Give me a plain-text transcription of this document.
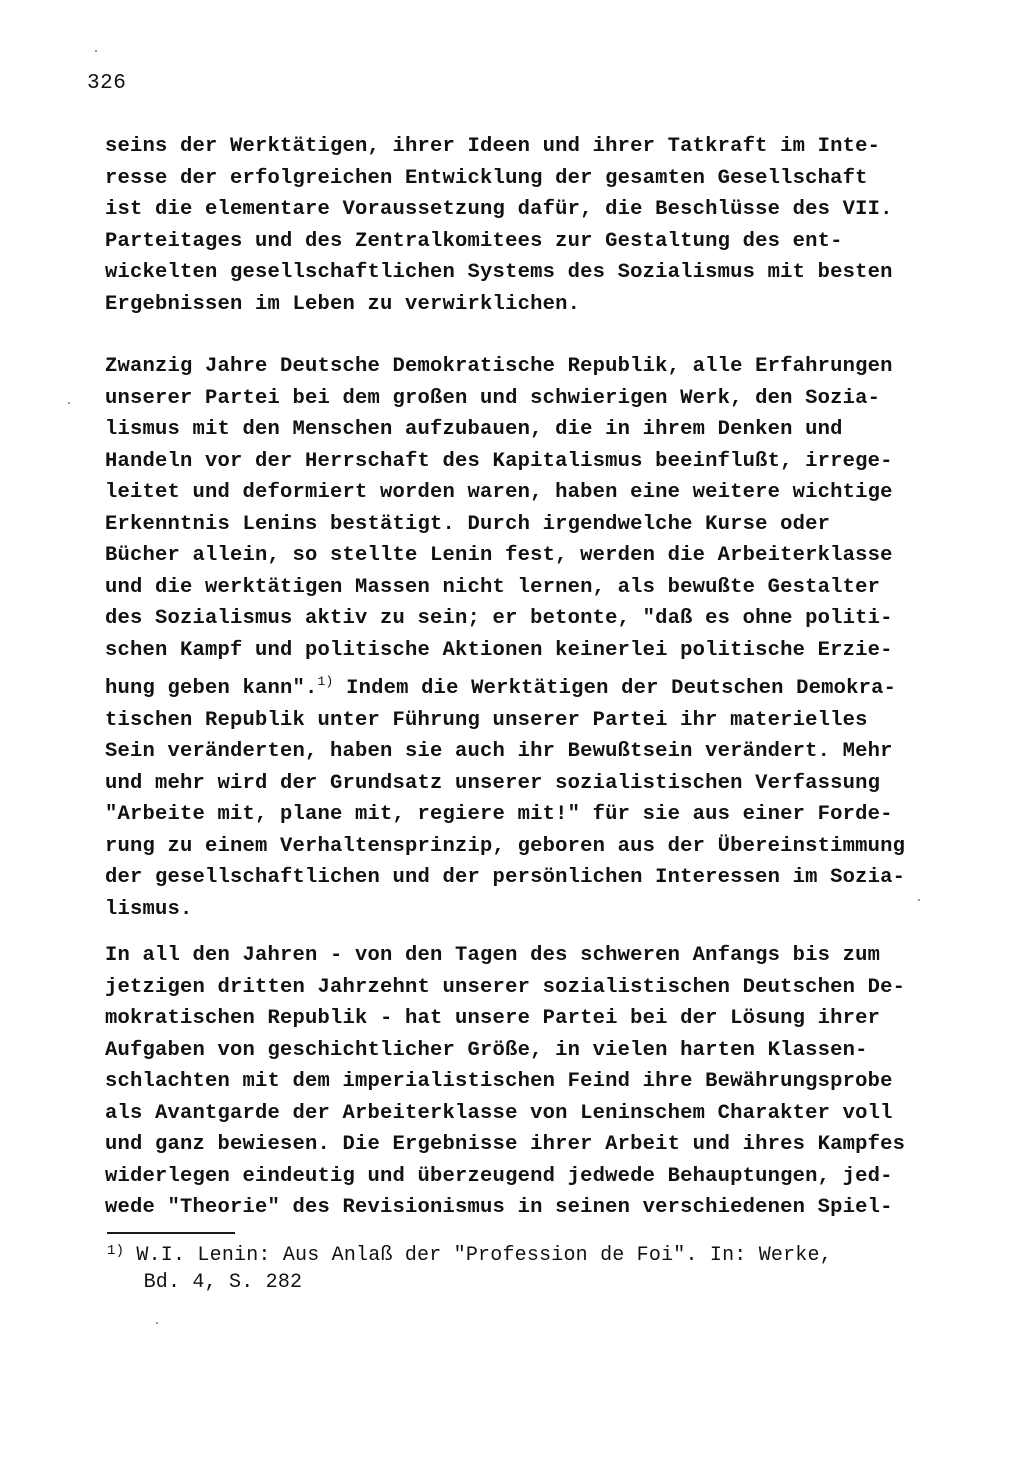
326
seins der Werktätigen, ihrer Ideen und ihrer Tatkraft im Inte-
resse der erfolgreichen Entwicklung der gesamten Gesellschaft
ist die elementare Voraussetzung dafür, die Beschlüsse des VII.
Parteitages und des Zentralkomitees zur Gestaltung des ent-
wickelten gesellschaftlichen Systems des Sozialismus mit besten
Ergebnissen im Leben zu verwirklichen.
Zwanzig Jahre Deutsche Demokratische Republik, alle Erfahrungen
unserer Partei bei dem großen und schwierigen Werk, den Sozia-
lismus mit den Menschen aufzubauen, die in ihrem Denken und
Handeln vor der Herrschaft des Kapitalismus beeinflußt, irrege-
leitet und deformiert worden waren, haben eine weitere wichtige
Erkenntnis Lenins bestätigt. Durch irgendwelche Kurse oder
Bücher allein, so stellte Lenin fest, werden die Arbeiterklasse
und die werktätigen Massen nicht lernen, als bewußte Gestalter
des Sozialismus aktiv zu sein; er betonte, "daß es ohne politi-
schen Kampf und politische Aktionen keinerlei politische Erzie-
hung geben kann".$^{1)}$ Indem die Werktätigen der Deutschen Demokra-
tischen Republik unter Führung unserer Partei ihr materielles
Sein veränderten, haben sie auch ihr Bewußtsein verändert. Mehr
und mehr wird der Grundsatz unserer sozialistischen Verfassung
"Arbeite mit, plane mit, regiere mit!" für sie aus einer Forde-
rung zu einem Verhaltensprinzip, geboren aus der Übereinstimmung
der gesellschaftlichen und der persönlichen Interessen im Sozia-
lismus.
In all den Jahren - von den Tagen des schweren Anfangs bis zum
jetzigen dritten Jahrzehnt unserer sozialistischen Deutschen De-
mokratischen Republik - hat unsere Partei bei der Lösung ihrer
Aufgaben von geschichtlicher Größe, in vielen harten Klassen-
schlachten mit dem imperialistischen Feind ihre Bewährungsprobe
als Avantgarde der Arbeiterklasse von Leninschem Charakter voll
und ganz bewiesen. Die Ergebnisse ihrer Arbeit und ihres Kampfes
widerlegen eindeutig und überzeugend jedwede Behauptungen, jed-
wede "Theorie" des Revisionismus in seinen verschiedenen Spiel-
$^{1)}$ W.I. Lenin: Aus Anlaß der "Profession de Foi". In: Werke,
Bd. 4, S. 282
